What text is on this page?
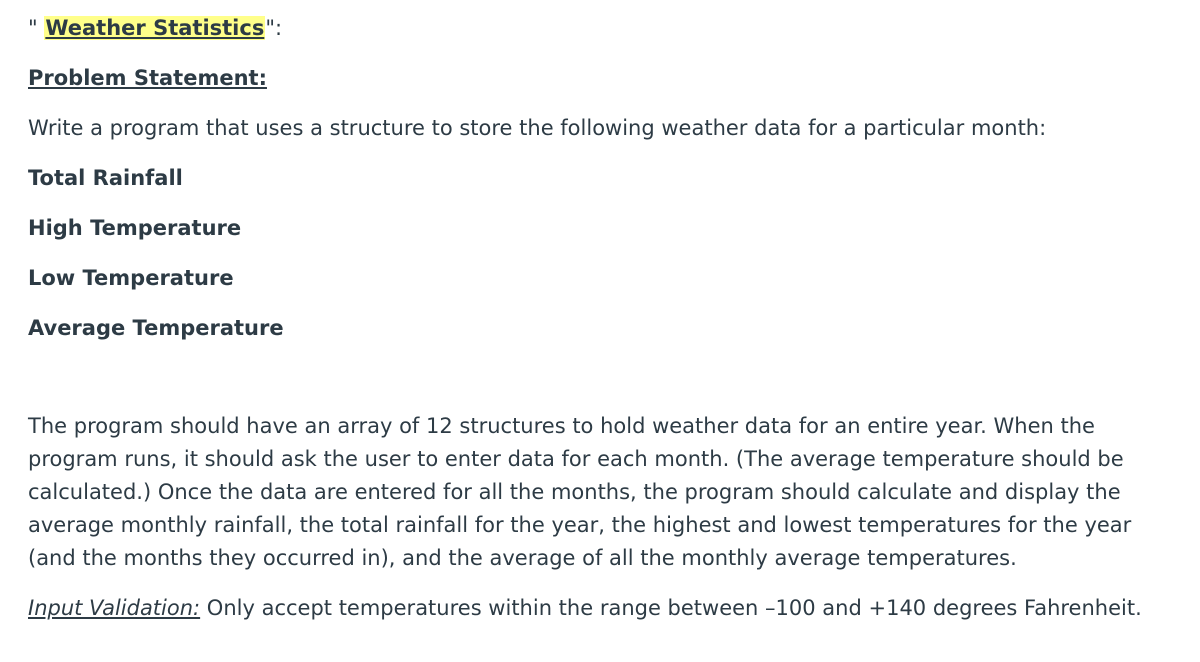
" Weather Statistics":

Problem Statement:

Write a program that uses a structure to store the following weather data for a particular month:

Total Rainfall

High Temperature

Low Temperature

Average Temperature

The program should have an array of 12 structures to hold weather data for an entire year. When the program runs, it should ask the user to enter data for each month. (The average temperature should be calculated.) Once the data are entered for all the months, the program should calculate and display the average monthly rainfall, the total rainfall for the year, the highest and lowest temperatures for the year (and the months they occurred in), and the average of all the monthly average temperatures.

Input Validation: Only accept temperatures within the range between –100 and +140 degrees Fahrenheit.
